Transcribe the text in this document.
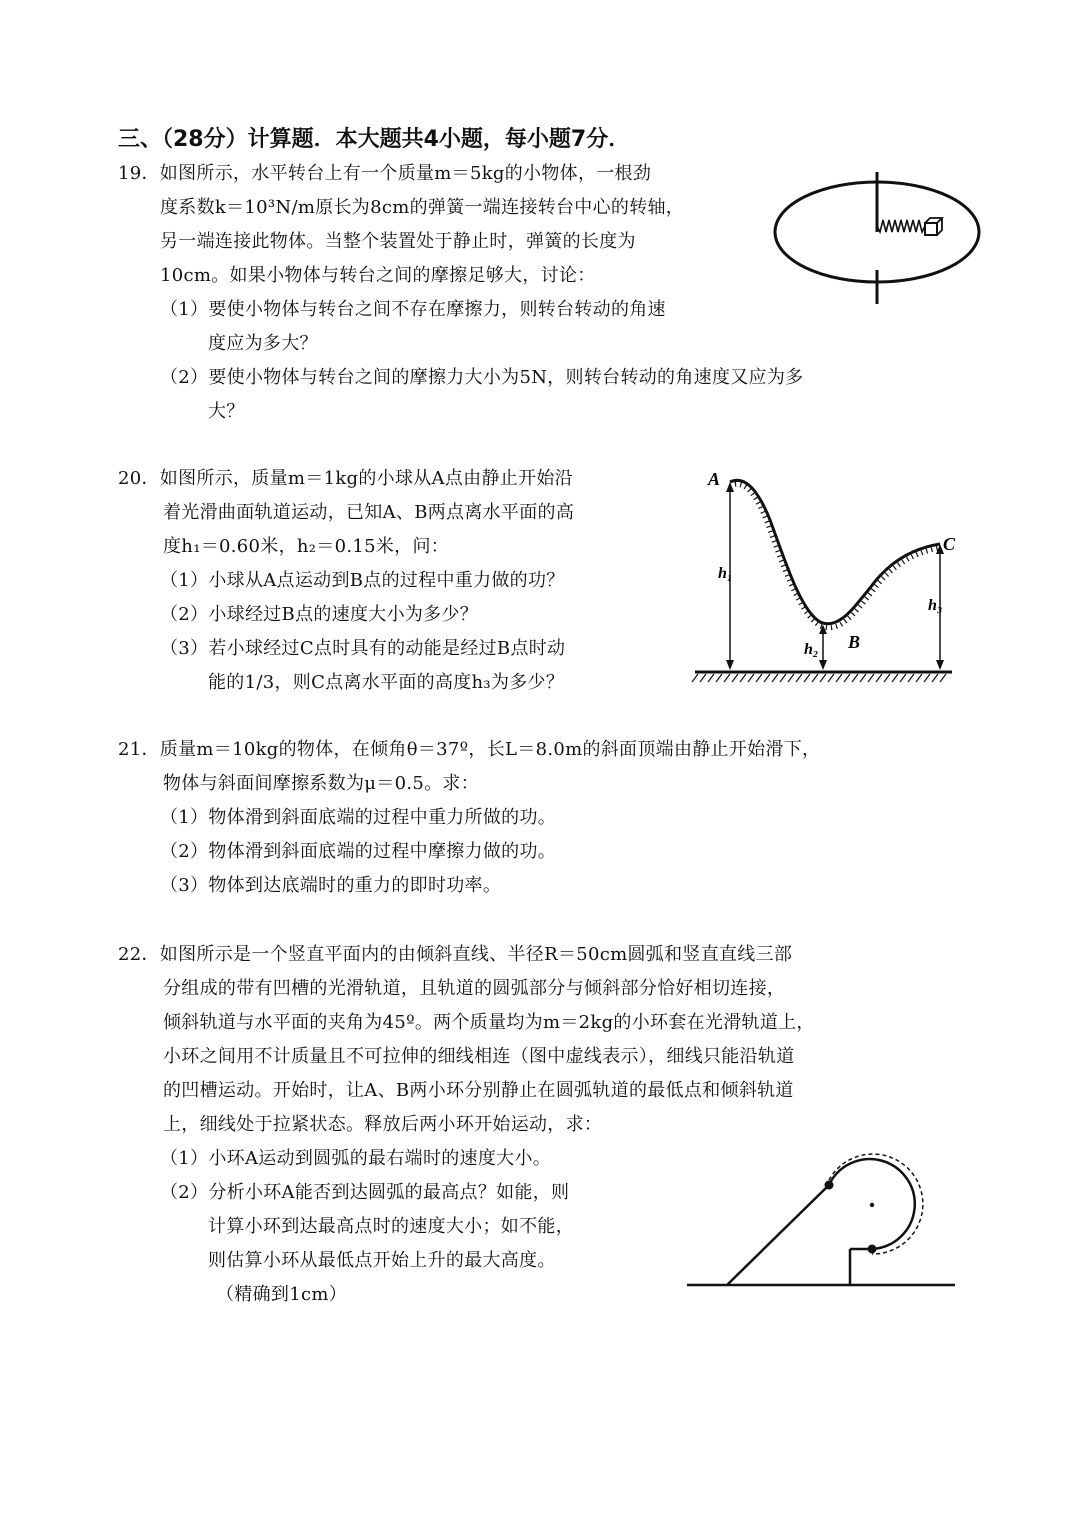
三、（28分）计算题．本大题共4小题，每小题7分．
19．如图所示，水平转台上有一个质量m＝5kg的小物体，一根劲
度系数k＝10³N/m原长为8cm的弹簧一端连接转台中心的转轴，
另一端连接此物体。当整个装置处于静止时，弹簧的长度为
10cm。如果小物体与转台之间的摩擦足够大，讨论：
（1）要使小物体与转台之间不存在摩擦力，则转台转动的角速
度应为多大？
（2）要使小物体与转台之间的摩擦力大小为5N，则转台转动的角速度又应为多
大？
20．如图所示，质量m＝1kg的小球从A点由静止开始沿
着光滑曲面轨道运动，已知A、B两点离水平面的高
度h₁＝0.60米，h₂＝0.15米，问：
（1）小球从A点运动到B点的过程中重力做的功？
（2）小球经过B点的速度大小为多少？
（3）若小球经过C点时具有的动能是经过B点时动
能的1/3，则C点离水平面的高度h₃为多少？
A
B
C
h₁
h₂
h₃
21．质量m＝10kg的物体，在倾角θ＝37º，长L＝8.0m的斜面顶端由静止开始滑下，
物体与斜面间摩擦系数为μ＝0.5。求：
（1）物体滑到斜面底端的过程中重力所做的功。
（2）物体滑到斜面底端的过程中摩擦力做的功。
（3）物体到达底端时的重力的即时功率。
22．如图所示是一个竖直平面内的由倾斜直线、半径R＝50cm圆弧和竖直直线三部
分组成的带有凹槽的光滑轨道，且轨道的圆弧部分与倾斜部分恰好相切连接，
倾斜轨道与水平面的夹角为45º。两个质量均为m＝2kg的小环套在光滑轨道上，
小环之间用不计质量且不可拉伸的细线相连（图中虚线表示），细线只能沿轨道
的凹槽运动。开始时，让A、B两小环分别静止在圆弧轨道的最低点和倾斜轨道
上，细线处于拉紧状态。释放后两小环开始运动，求：
（1）小环A运动到圆弧的最右端时的速度大小。
（2）分析小环A能否到达圆弧的最高点？如能，则
计算小环到达最高点时的速度大小；如不能，
则估算小环从最低点开始上升的最大高度。
（精确到1cm）
